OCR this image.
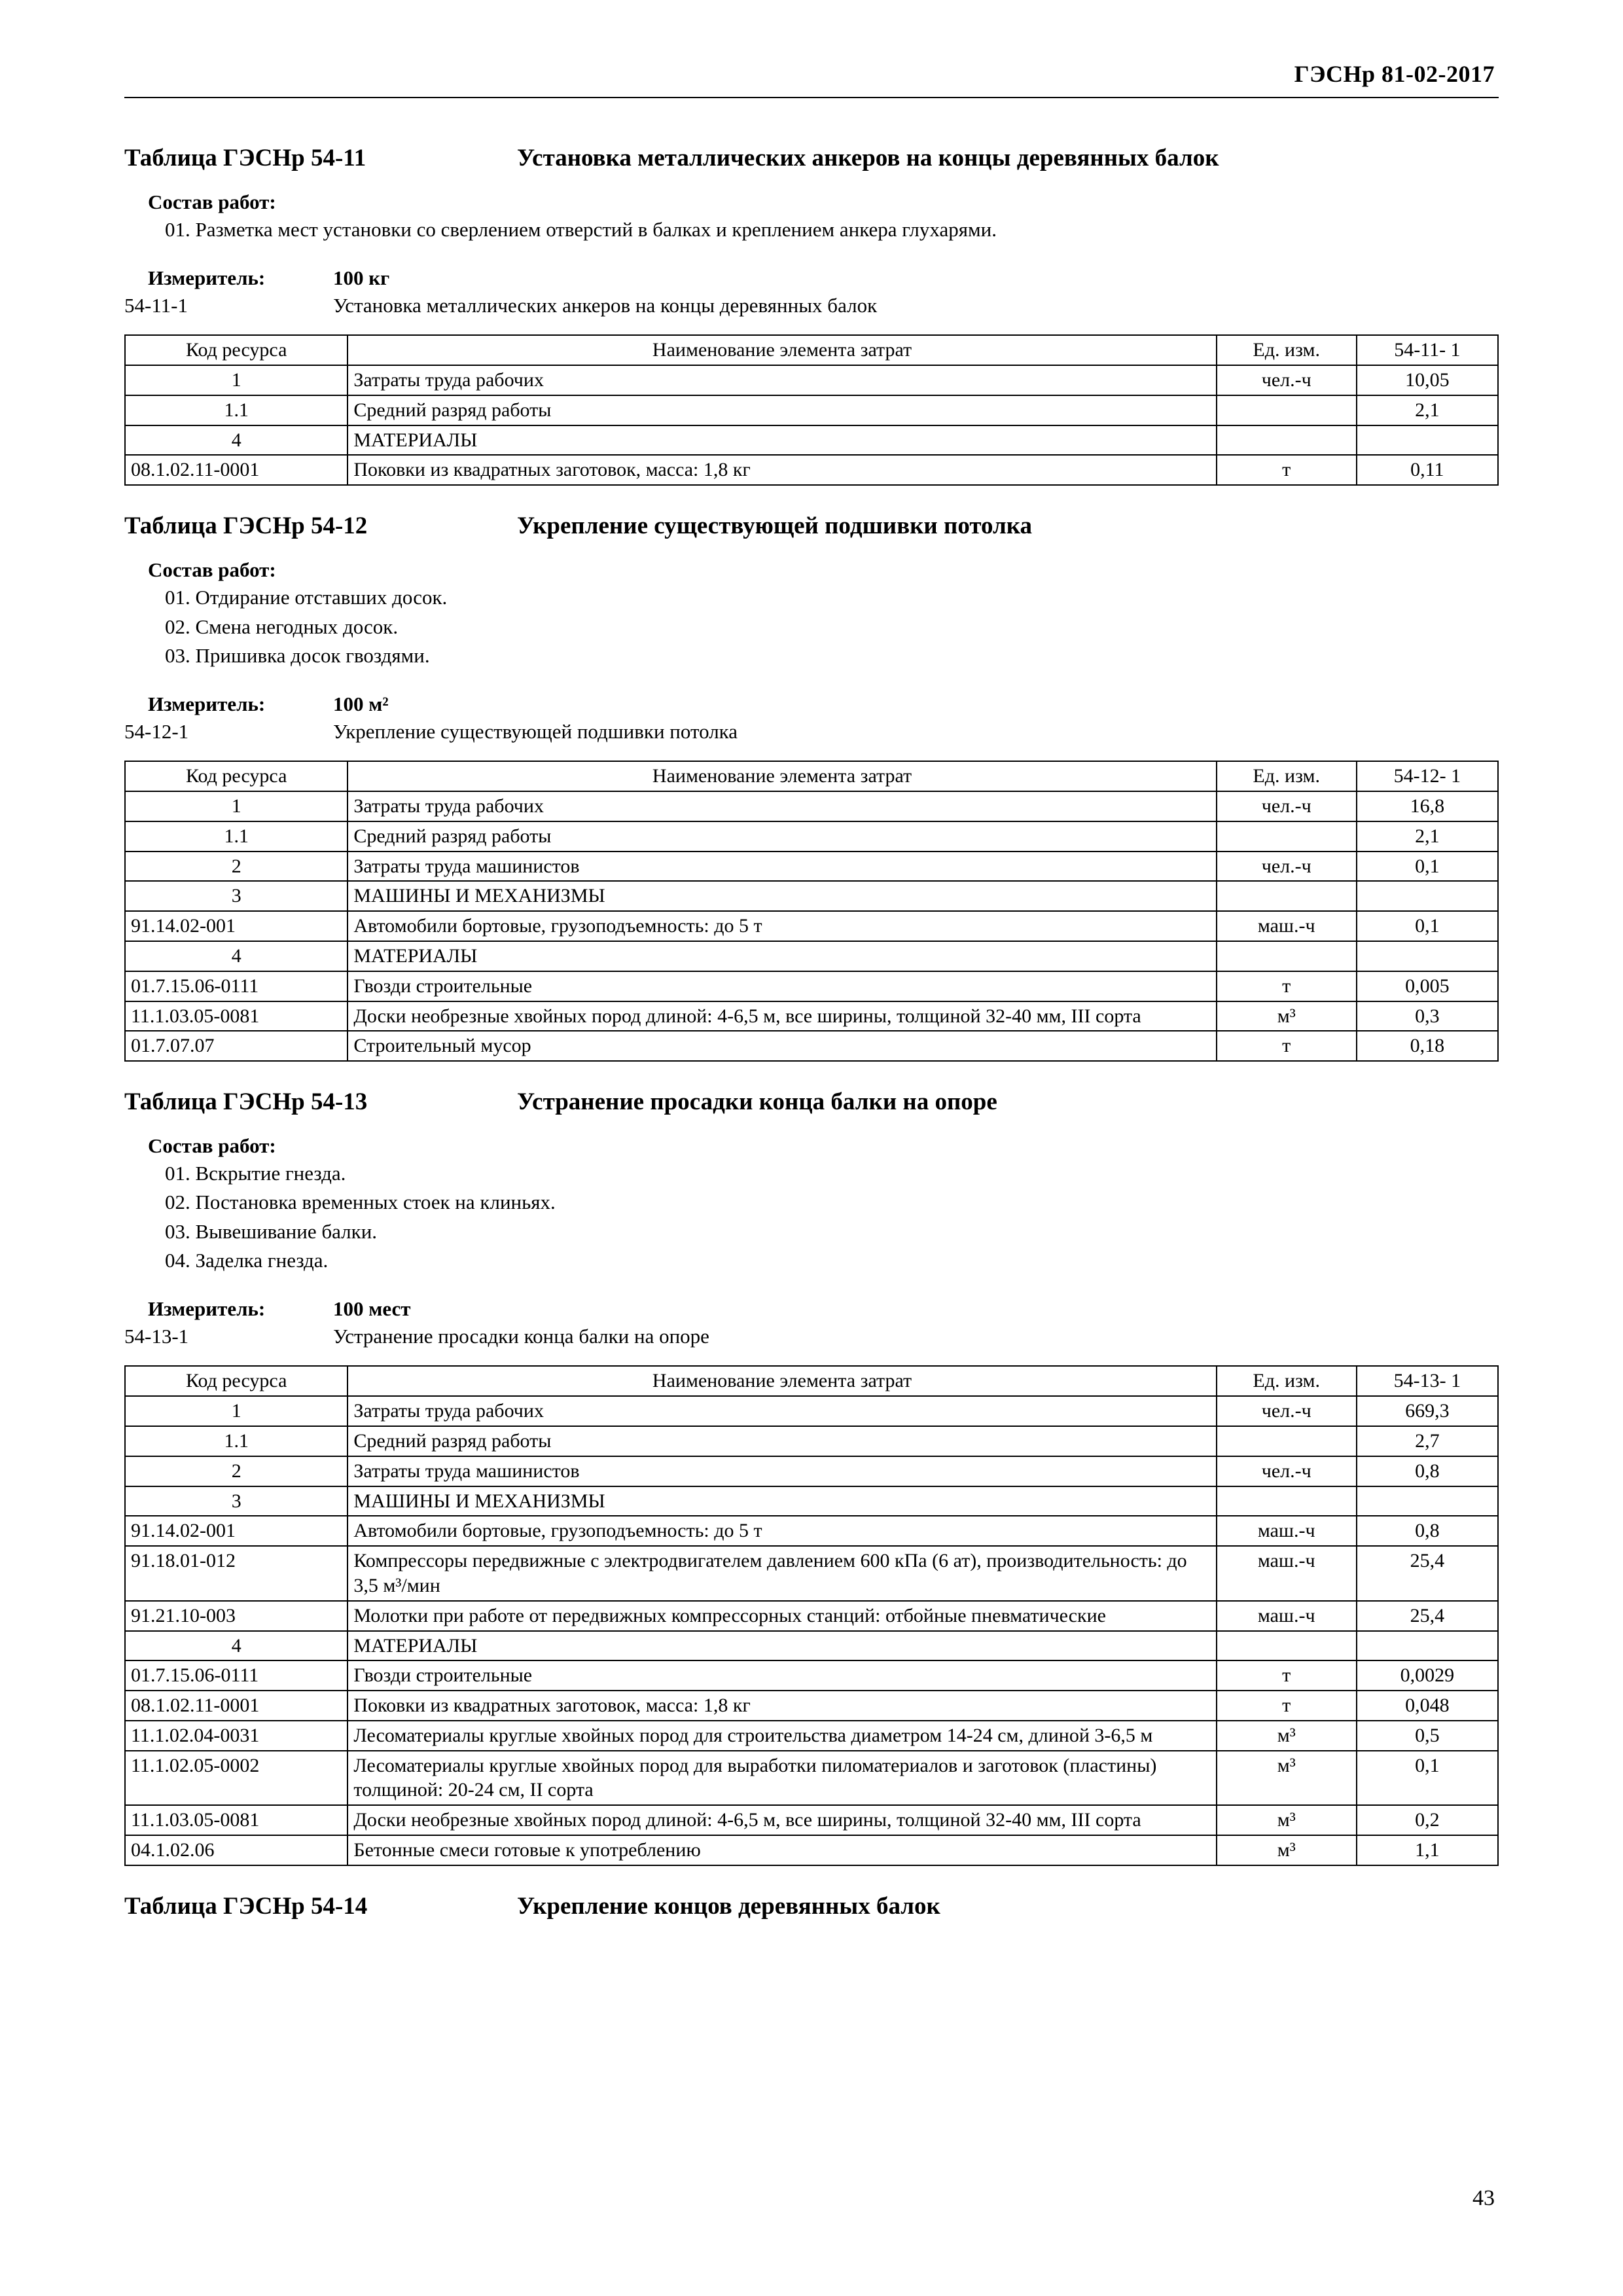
ГЭСНр 81-02-2017
Таблица ГЭСНр 54-11	Установка металлических анкеров на концы деревянных балок
Состав работ:
01. Разметка мест установки со сверлением отверстий в балках и креплением анкера глухарями.
Измеритель:	100 кг
54-11-1	Установка металлических анкеров на концы деревянных балок
Код ресурса	Наименование элемента затрат	Ед. изм.	54-11- 1
1	Затраты труда рабочих	чел.-ч	10,05
1.1	Средний разряд работы		2,1
4	МАТЕРИАЛЫ		
08.1.02.11-0001	Поковки из квадратных заготовок, масса: 1,8 кг	т	0,11
Таблица ГЭСНр 54-12	Укрепление существующей подшивки потолка
Состав работ:
01. Отдирание отставших досок.
02. Смена негодных досок.
03. Пришивка досок гвоздями.
Измеритель:	100 м²
54-12-1	Укрепление существующей подшивки потолка
Код ресурса	Наименование элемента затрат	Ед. изм.	54-12- 1
1	Затраты труда рабочих	чел.-ч	16,8
1.1	Средний разряд работы		2,1
2	Затраты труда машинистов	чел.-ч	0,1
3	МАШИНЫ И МЕХАНИЗМЫ		
91.14.02-001	Автомобили бортовые, грузоподъемность: до 5 т	маш.-ч	0,1
4	МАТЕРИАЛЫ		
01.7.15.06-0111	Гвозди строительные	т	0,005
11.1.03.05-0081	Доски необрезные хвойных пород длиной: 4-6,5 м, все ширины, толщиной 32-40 мм, III сорта	м³	0,3
01.7.07.07	Строительный мусор	т	0,18
Таблица ГЭСНр 54-13	Устранение просадки конца балки на опоре
Состав работ:
01. Вскрытие гнезда.
02. Постановка временных стоек на клиньях.
03. Вывешивание балки.
04. Заделка гнезда.
Измеритель:	100 мест
54-13-1	Устранение просадки конца балки на опоре
Код ресурса	Наименование элемента затрат	Ед. изм.	54-13- 1
1	Затраты труда рабочих	чел.-ч	669,3
1.1	Средний разряд работы		2,7
2	Затраты труда машинистов	чел.-ч	0,8
3	МАШИНЫ И МЕХАНИЗМЫ		
91.14.02-001	Автомобили бортовые, грузоподъемность: до 5 т	маш.-ч	0,8
91.18.01-012	Компрессоры передвижные с электродвигателем давлением 600 кПа (6 ат), производительность: до 3,5 м³/мин	маш.-ч	25,4
91.21.10-003	Молотки при работе от передвижных компрессорных станций: отбойные пневматические	маш.-ч	25,4
4	МАТЕРИАЛЫ		
01.7.15.06-0111	Гвозди строительные	т	0,0029
08.1.02.11-0001	Поковки из квадратных заготовок, масса: 1,8 кг	т	0,048
11.1.02.04-0031	Лесоматериалы круглые хвойных пород для строительства диаметром 14-24 см, длиной 3-6,5 м	м³	0,5
11.1.02.05-0002	Лесоматериалы круглые хвойных пород для выработки пиломатериалов и заготовок (пластины) толщиной: 20-24 см, II сорта	м³	0,1
11.1.03.05-0081	Доски необрезные хвойных пород длиной: 4-6,5 м, все ширины, толщиной 32-40 мм, III сорта	м³	0,2
04.1.02.06	Бетонные смеси готовые к употреблению	м³	1,1
Таблица ГЭСНр 54-14	Укрепление концов деревянных балок
43
